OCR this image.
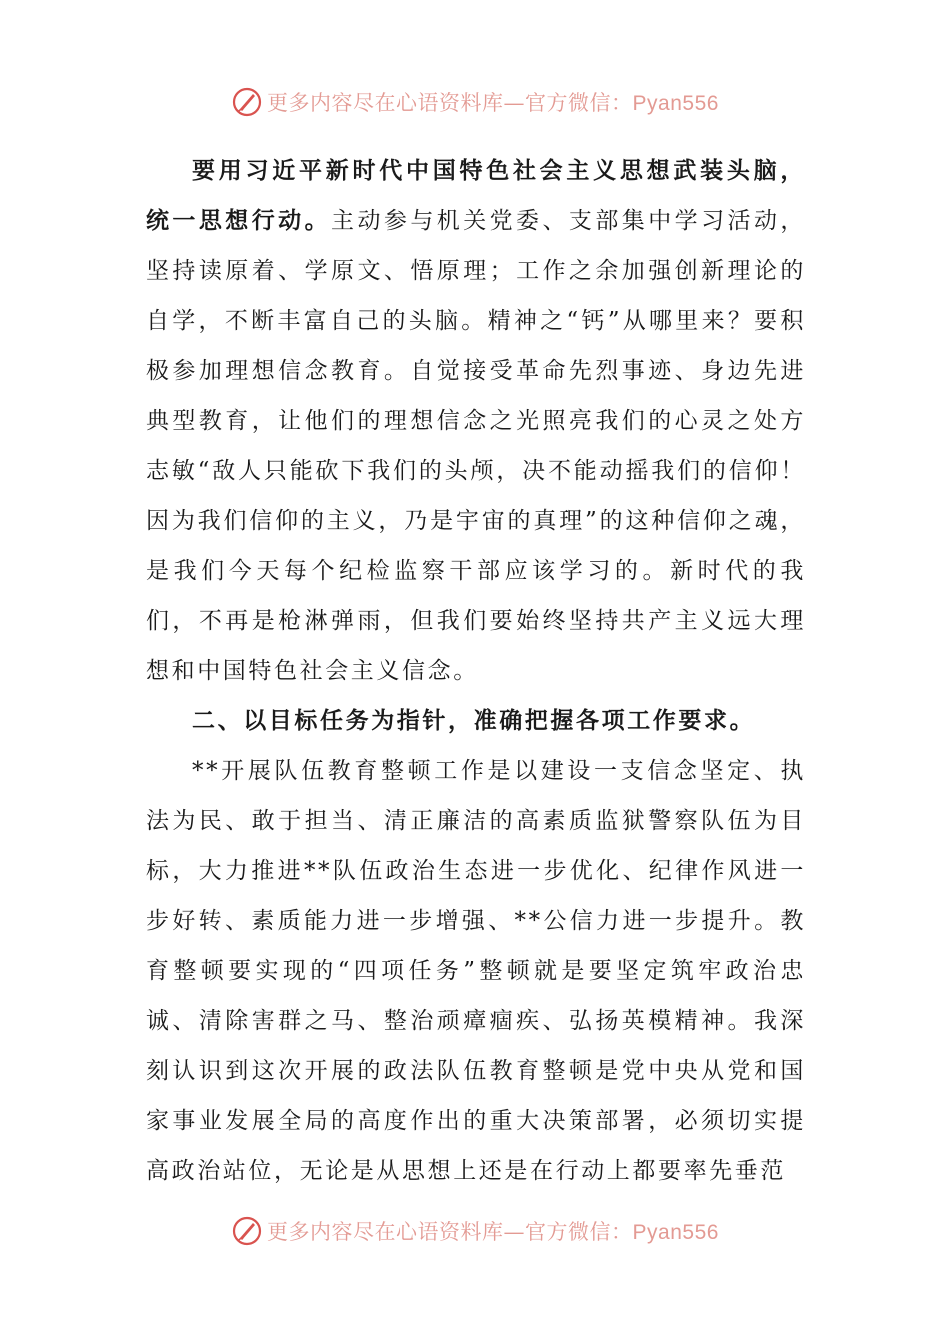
更多内容尽在心语资料库—官方微信：Pyan556

要用习近平新时代中国特色社会主义思想武装头脑，统一思想行动。主动参与机关党委、支部集中学习活动，坚持读原着、学原文、悟原理；工作之余加强创新理论的自学，不断丰富自己的头脑。精神之“钙”从哪里来？要积极参加理想信念教育。自觉接受革命先烈事迹、身边先进典型教育，让他们的理想信念之光照亮我们的心灵之处方志敏“敌人只能砍下我们的头颅，决不能动摇我们的信仰！因为我们信仰的主义，乃是宇宙的真理”的这种信仰之魂，是我们今天每个纪检监察干部应该学习的。新时代的我们，不再是枪淋弹雨，但我们要始终坚持共产主义远大理想和中国特色社会主义信念。

二、以目标任务为指针，准确把握各项工作要求。

**开展队伍教育整顿工作是以建设一支信念坚定、执法为民、敢于担当、清正廉洁的高素质监狱警察队伍为目标，大力推进**队伍政治生态进一步优化、纪律作风进一步好转、素质能力进一步增强、**公信力进一步提升。教育整顿要实现的“四项任务”整顿就是要坚定筑牢政治忠诚、清除害群之马、整治顽瘴痼疾、弘扬英模精神。我深刻认识到这次开展的政法队伍教育整顿是党中央从党和国家事业发展全局的高度作出的重大决策部署，必须切实提高政治站位，无论是从思想上还是在行动上都要率先垂范

更多内容尽在心语资料库—官方微信：Pyan556
